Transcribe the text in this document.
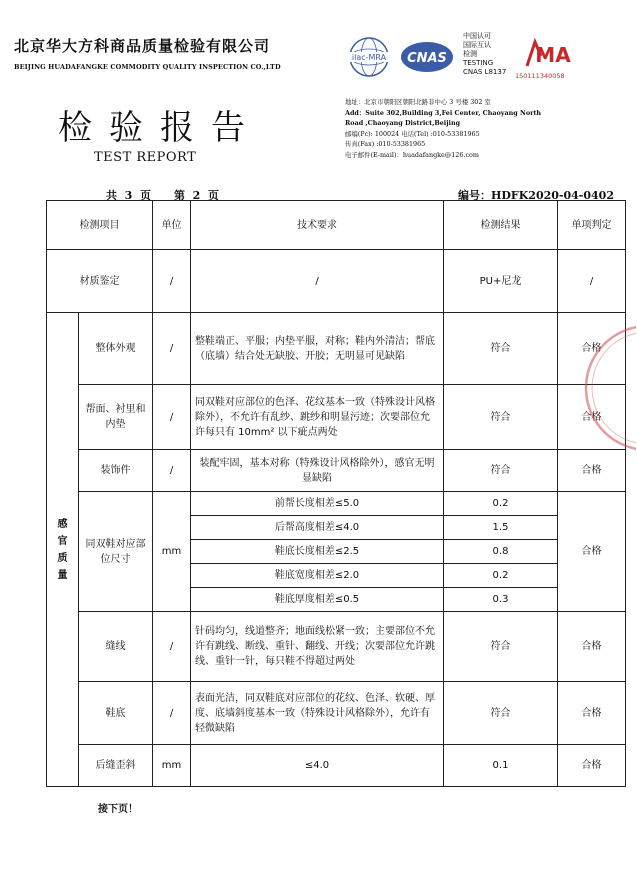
北京华大方科商品质量检验有限公司
BEIJING HUADAFANGKE COMMODITY QUALITY INSPECTION CO.,LTD
检验报告
TEST REPORT
ilac-MRA CNAS
中国认可
国际互认
检测
TESTING
CNAS L8137
MA
150111340058
地址：北京市朝阳区朝阳北路非中心 3 号楼 302 室
Add：Suite 302,Building 3,Fei Center, Chaoyang North
Road ,Chaoyang District,Beijing
邮编(Pc): 100024 电话(Tel) :010-53381965
传真(Fax) :010-53381965
电子邮件(E-mail)：huadafangke@126.com
共  3  页      第  2  页	编号：HDFK2020-04-0402
检测项目		单位	技术要求	检测结果	单项判定
材质鉴定		/	/	PU+尼龙	/
感
官
质
量	整体外观	/	整鞋端正、平服；内垫平服，对称；鞋内外清洁；帮底（底墙）结合处无缺胶、开胶；无明显可见缺陷	符合	合格
	帮面、衬里和内垫	/	同双鞋对应部位的色泽、花纹基本一致（特殊设计风格除外），不允许有乱纱、跳纱和明显污迹；次要部位允许每只有 10mm² 以下疵点两处	符合	合格
	装饰件	/	装配牢固，基本对称（特殊设计风格除外），感官无明显缺陷	符合	合格
	同双鞋对应部位尺寸	mm	前帮长度相差≤5.0	0.2	合格
			后帮高度相差≤4.0	1.5	
			鞋底长度相差≤2.5	0.8	
			鞋底宽度相差≤2.0	0.2	
			鞋底厚度相差≤0.5	0.3	
	缝线	/	针码均匀，线道整齐；地面线松紧一致；主要部位不允许有跳线、断线、重针、翻线、开线；次要部位允许跳线、重针一针，每只鞋不得超过两处	符合	合格
	鞋底	/	表面光洁，同双鞋底对应部位的花纹、色泽、软硬、厚度、底墙斜度基本一致（特殊设计风格除外），允许有轻微缺陷	符合	合格
	后缝歪斜	mm	≤4.0	0.1	合格
接下页！
